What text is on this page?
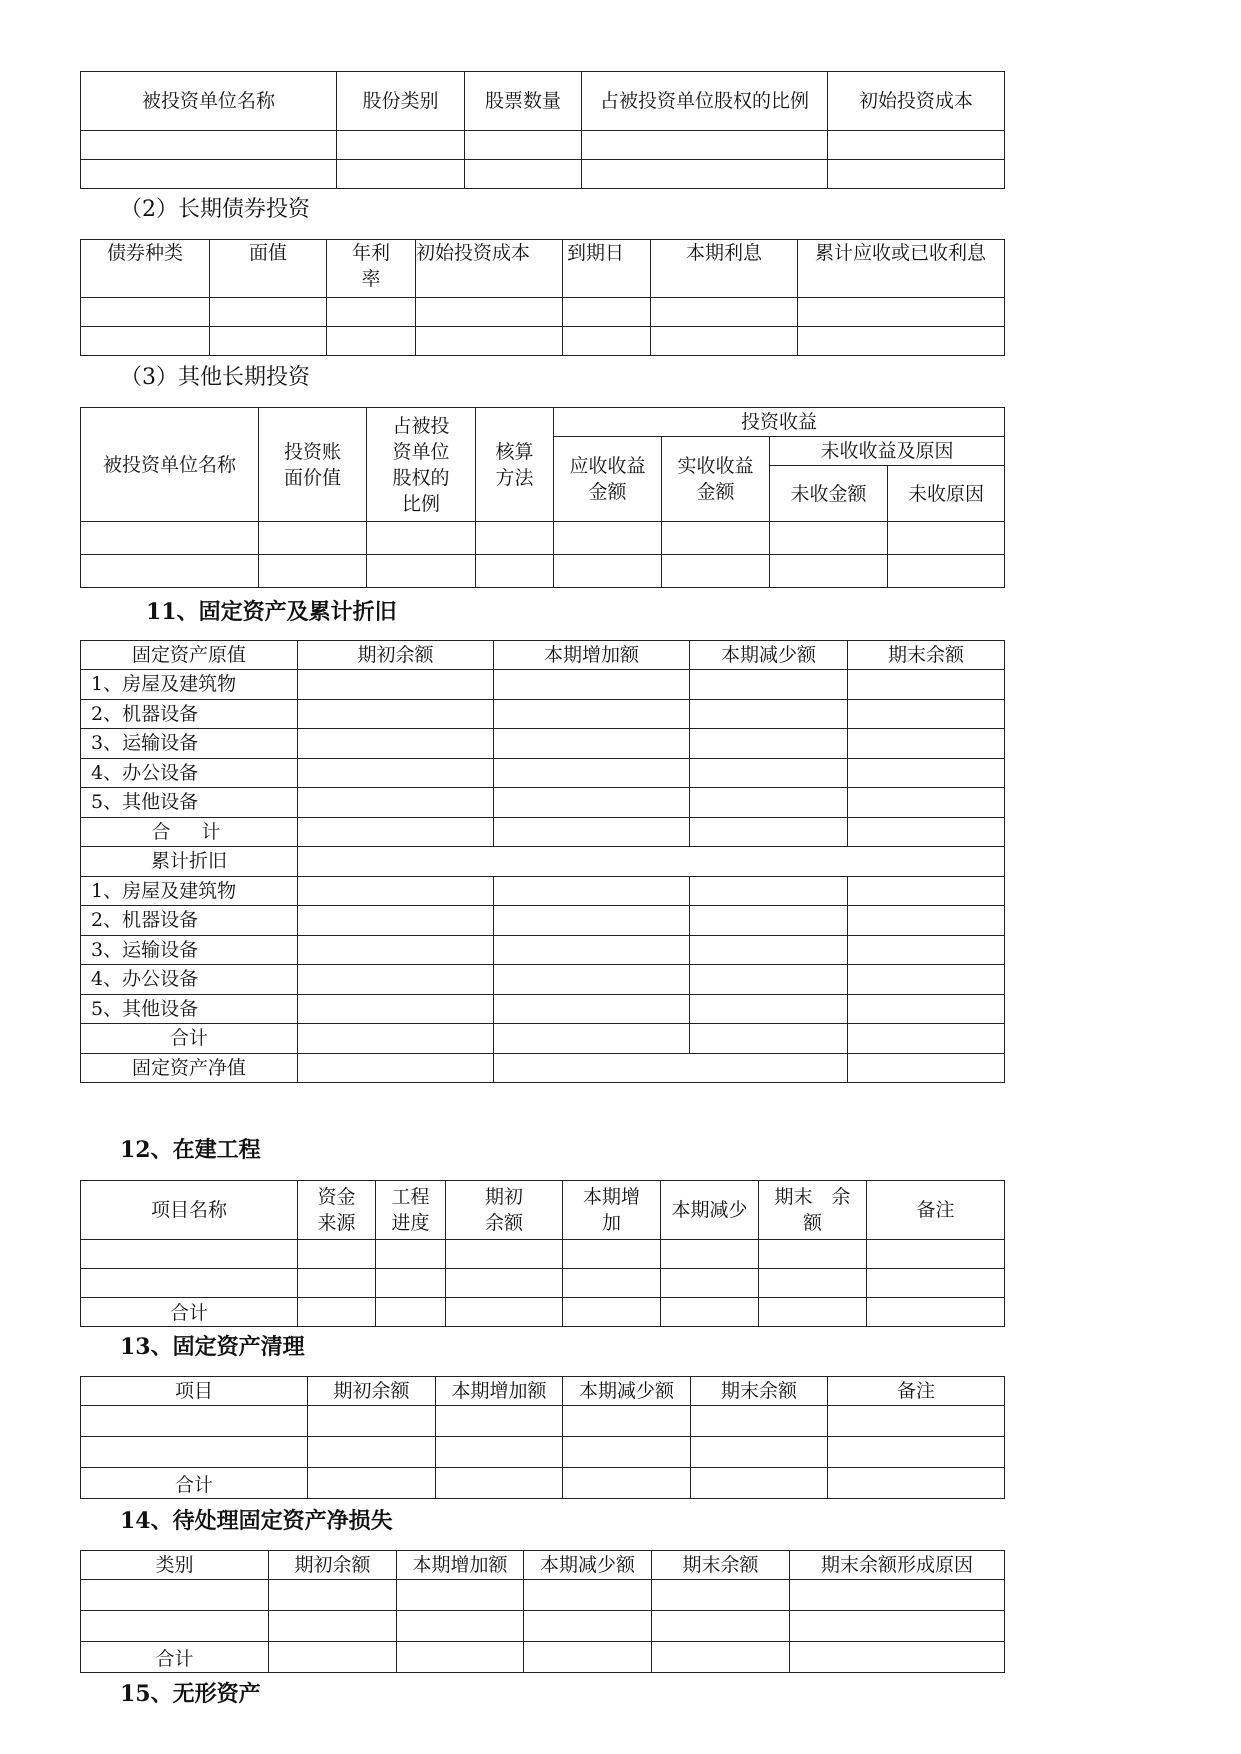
被投资单位名称	股份类别	股票数量	占被投资单位股权的比例	初始投资成本

（2）长期债券投资
债券种类	面值	年利率	初始投资成本	到期日	本期利息	累计应收或已收利息

（3）其他长期投资
被投资单位名称	投资账面价值	占被投资单位股权的比例	核算方法	投资收益			
				应收收益金额	实收收益金额	未收收益及原因	
						未收金额	未收原因

11、固定资产及累计折旧
固定资产原值	期初余额	本期增加额	本期减少额	期末余额
1、房屋及建筑物				
2、机器设备				
3、运输设备				
4、办公设备				
5、其他设备				
合　计				
累计折旧				
1、房屋及建筑物				
2、机器设备				
3、运输设备				
4、办公设备				
5、其他设备				
合计				
固定资产净值				
12、在建工程
项目名称	资金来源	工程进度	期初余额	本期增加	本期减少	期末　余额	备注

合计							
13、固定资产清理
项目	期初余额	本期增加额	本期减少额	期末余额	备注

合计					
14、待处理固定资产净损失
类别	期初余额	本期增加额	本期减少额	期末余额	期末余额形成原因

合计					
15、无形资产
